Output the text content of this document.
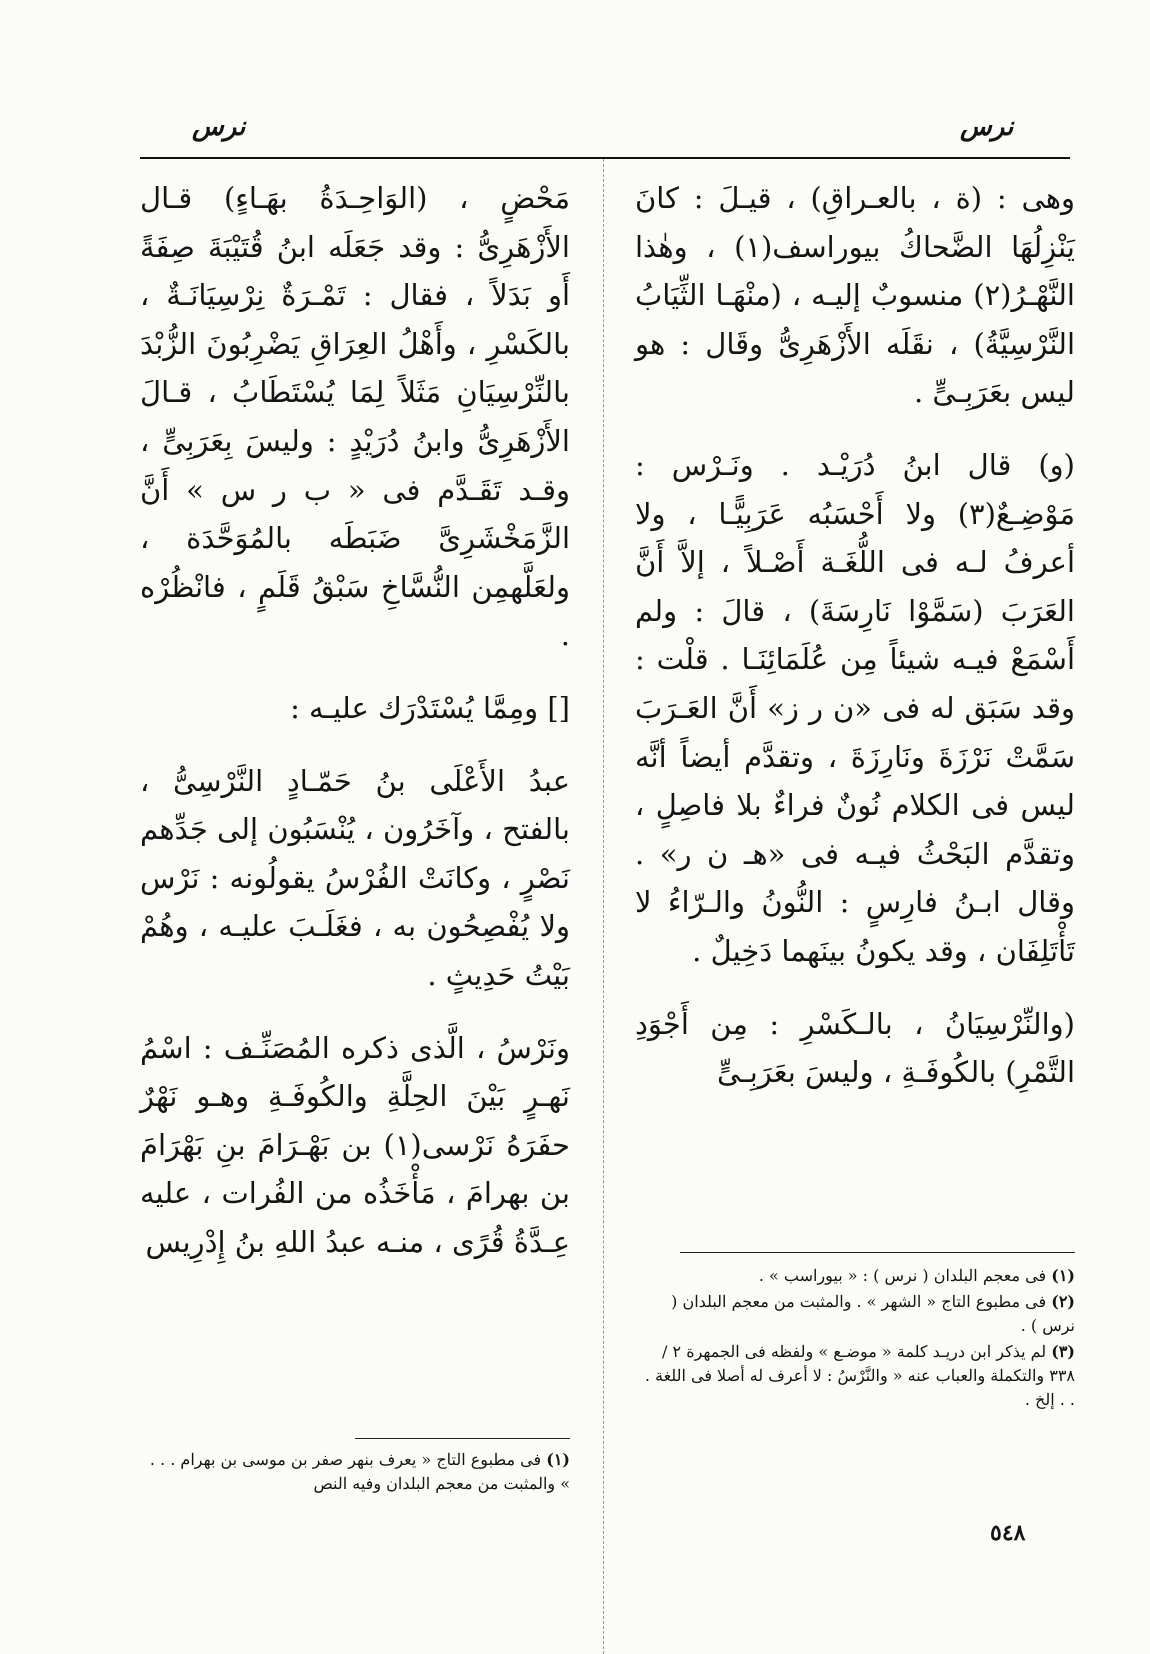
نرس
نرس

وهى : (ة ، بالعـراقِ) ، قيـلَ : كانَ يَنْزِلُهَا الضَّحاكُ بيوراسف(١) ، وهٰذا النَّهْـرُ(٢) منسوبٌ إليـه ، (منْهَـا الثِّيَابُ النَّرْسِيَّةُ) ، نقَلَه الأَزْهَرِىُّ وقَال : هو ليس بعَرَبِـىٍّ .

(و) قال ابنُ دُرَيْـد . ونَـرْس : مَوْضِـعٌ(٣) ولا أَحْسَبُه عَرَبِيًّـا ، ولا أعرفُ لـه فى اللُّغَـة أَصْـلاً ، إلاَّ أَنَّ العَرَبَ (سَمَّوْا نَارِسَةَ) ، قالَ : ولم أَسْمَعْ فيـه شيئاً مِن عُلَمَائِنَـا . قلْت : وقد سَبَق له فى «ن ر ز» أَنَّ العَـرَبَ سَمَّتْ نَرْزَةَ ونَارِزَةَ ، وتقدَّم أيضاً أنَّه ليس فى الكلام نُونٌ فراءٌ بلا فاصِلٍ ، وتقدَّم البَحْثُ فيـه فى «هـ ن ر» . وقال ابـنُ فارِسٍ : النُّونُ والـرّاءُ لا تَأْتَلِفَان ، وقد يكونُ بينَهما دَخِيلٌ .

(والنِّرْسِيَانُ ، بالـكَسْرِ : مِن أَجْوَدِ التَّمْرِ) بالكُوفَـةِ ، وليسَ بعَرَبِـىٍّ

(١) فى معجم البلدان ( نرس ) : « بيوراسب » .

(٢) فى مطبوع التاج « الشهر » . والمثبت من معجم البلدان ( نرس ) .

(٣) لم يذكر ابن دريـد كلمة « موضـع » ولفظه فى الجمهرة ٢ / ٣٣٨ والتكملة والعباب عنه « والنَّرْسُ : لا أعرف له أصلا فى اللغة . . . إلخ .

مَحْضٍ ، (الوَاحِـدَةُ بهَـاءٍ) قـال الأَزْهَرِىُّ : وقد جَعَلَه ابنُ قُتَيْبَةَ صِفَةً أَو بَدَلاً ، فقال : تَمْـرَةٌ نِرْسِيَانَـةٌ ، بالكَسْرِ ، وأَهْلُ العِرَاقِ يَضْرِبُونَ الزُّبْدَ بالنِّرْسِيَانِ مَثَلاً لِمَا يُسْتَطَابُ ، قـالَ الأَزْهَرِىُّ وابنُ دُرَيْدٍ : وليسَ بِعَرَبِىٍّ ، وقـد تَقَـدَّم فى « ب ر س » أَنَّ الزَّمَخْشَرِىَّ ضَبَطَه بالمُوَحَّدَة ، ولعَلَّهمِن النُّسَّاخِ سَبْقُ قَلَمٍ ، فانْظُرْه .

[] ومِمَّا يُسْتَدْرَك عليـه :

عبدُ الأَعْلَى بنُ حَمّـادٍ النَّرْسِىُّ ، بالفتح ، وآخَرُون ، يُنْسَبُون إلى جَدِّهم نَصْرٍ ، وكانَتْ الفُرْسُ يقولُونه : نَرْس ولا يُفْصِحُون به ، فغَلَـبَ عليـه ، وهُمْ بَيْتُ حَدِيثٍ .

ونَرْسُ ، الَّذى ذكره المُصَنِّـف : اسْمُ نَهـرٍ بَيْنَ الحِلَّةِ والكُوفَـةِ وهـو نَهْرٌ حفَرَهُ نَرْسى(١) بن بَهْـرَامَ بنِ بَهْرَامَ بن بهرامَ ، مَأْخَذُه من الفُرات ، عليه عِـدَّةُ قُرًى ، منـه عبدُ اللهِ بنُ إِدْرِيس

(١) فى مطبوع التاج « يعرف بنهر صفر بن موسى بن بهرام . . . » والمثبت من معجم البلدان وفيه النص

٥٤٨
